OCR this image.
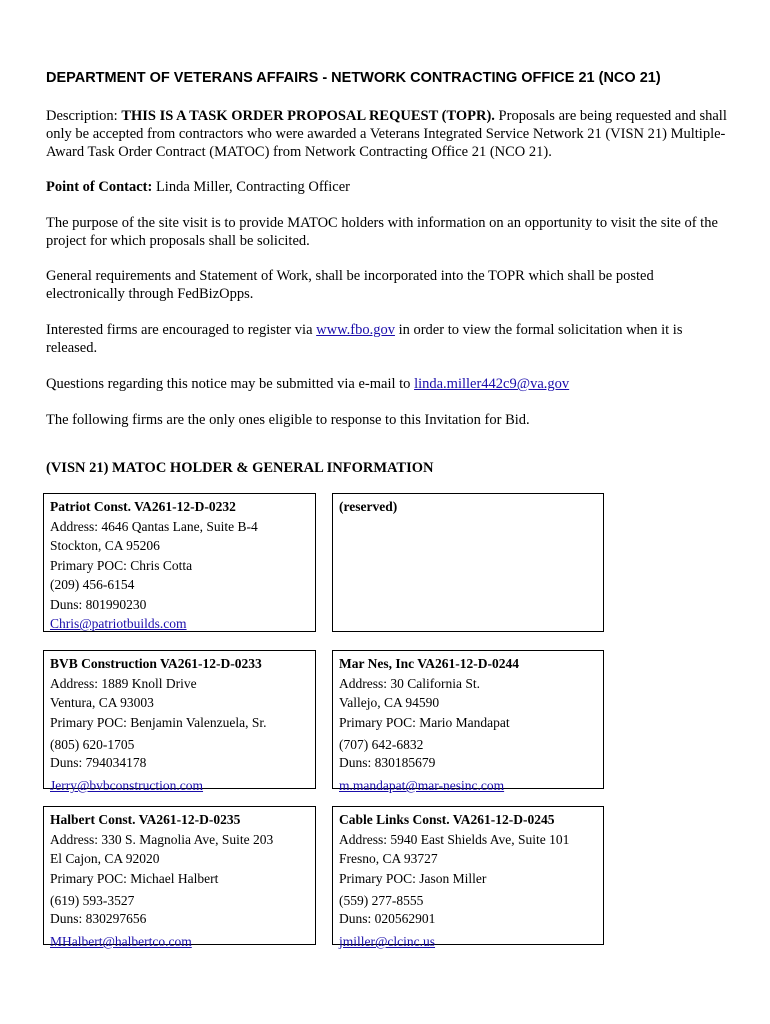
DEPARTMENT OF VETERANS AFFAIRS - NETWORK CONTRACTING OFFICE 21 (NCO 21)
Description: THIS IS A TASK ORDER PROPOSAL REQUEST (TOPR). Proposals are being requested and shall only be accepted from contractors who were awarded a Veterans Integrated Service Network 21 (VISN 21) Multiple-Award Task Order Contract (MATOC) from Network Contracting Office 21 (NCO 21).
Point of Contact: Linda Miller, Contracting Officer
The purpose of the site visit is to provide MATOC holders with information on an opportunity to visit the site of the project for which proposals shall be solicited.
General requirements and Statement of Work, shall be incorporated into the TOPR which shall be posted electronically through FedBizOpps.
Interested firms are encouraged to register via www.fbo.gov in order to view the formal solicitation when it is released.
Questions regarding this notice may be submitted via e-mail to linda.miller442c9@va.gov
The following firms are the only ones eligible to response to this Invitation for Bid.
(VISN 21) MATOC HOLDER & GENERAL INFORMATION
Patriot Const. VA261-12-D-0232
Address: 4646 Qantas Lane, Suite B-4
Stockton, CA 95206
Primary POC: Chris Cotta
(209) 456-6154
Duns: 801990230
Chris@patriotbuilds.com
(reserved)
BVB Construction VA261-12-D-0233
Address: 1889 Knoll Drive
Ventura, CA 93003
Primary POC: Benjamin Valenzuela, Sr.
(805) 620-1705
Duns: 794034178
Jerry@bvbconstruction.com
Mar Nes, Inc VA261-12-D-0244
Address: 30 California St.
Vallejo, CA 94590
Primary POC: Mario Mandapat
(707) 642-6832
Duns: 830185679
m.mandapat@mar-nesinc.com
Halbert Const. VA261-12-D-0235
Address: 330 S. Magnolia Ave, Suite 203
El Cajon, CA 92020
Primary POC: Michael Halbert
(619) 593-3527
Duns: 830297656
MHalbert@halbertco.com
Cable Links Const. VA261-12-D-0245
Address: 5940 East Shields Ave, Suite 101
Fresno, CA 93727
Primary POC: Jason Miller
(559) 277-8555
Duns: 020562901
jmiller@clcinc.us
